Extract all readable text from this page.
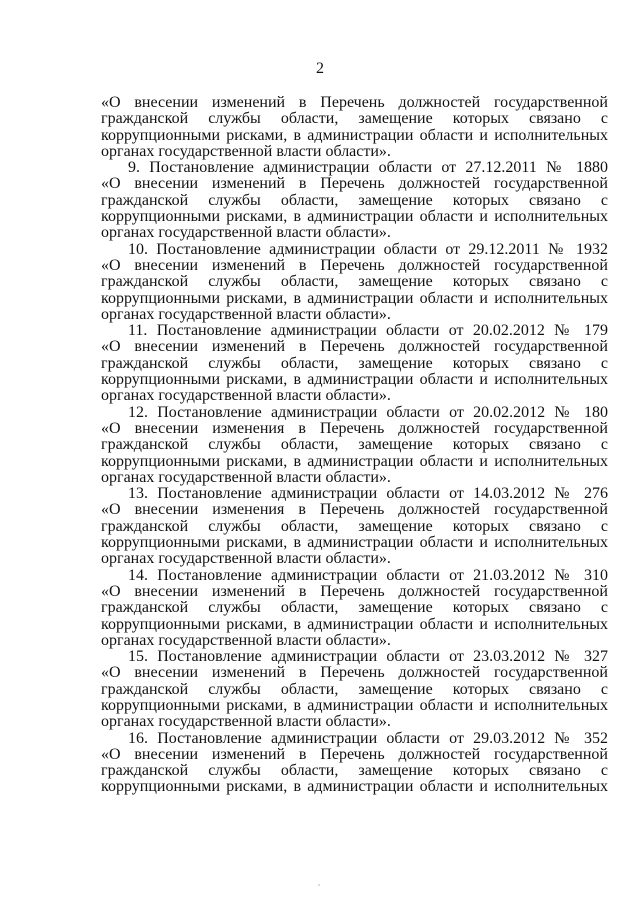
2
«О внесении изменений в Перечень должностей государственной
гражданской службы области, замещение которых связано с
коррупционными рисками, в администрации области и исполнительных
органах государственной власти области».
9. Постановление администрации области от 27.12.2011 № 1880
«О внесении изменений в Перечень должностей государственной
гражданской службы области, замещение которых связано с
коррупционными рисками, в администрации области и исполнительных
органах государственной власти области».
10. Постановление администрации области от 29.12.2011 № 1932
«О внесении изменений в Перечень должностей государственной
гражданской службы области, замещение которых связано с
коррупционными рисками, в администрации области и исполнительных
органах государственной власти области».
11. Постановление администрации области от 20.02.2012 № 179
«О внесении изменений в Перечень должностей государственной
гражданской службы области, замещение которых связано с
коррупционными рисками, в администрации области и исполнительных
органах государственной власти области».
12. Постановление администрации области от 20.02.2012 № 180
«О внесении изменения в Перечень должностей государственной
гражданской службы области, замещение которых связано с
коррупционными рисками, в администрации области и исполнительных
органах государственной власти области».
13. Постановление администрации области от 14.03.2012 № 276
«О внесении изменения в Перечень должностей государственной
гражданской службы области, замещение которых связано с
коррупционными рисками, в администрации области и исполнительных
органах государственной власти области».
14. Постановление администрации области от 21.03.2012 № 310
«О внесении изменений в Перечень должностей государственной
гражданской службы области, замещение которых связано с
коррупционными рисками, в администрации области и исполнительных
органах государственной власти области».
15. Постановление администрации области от 23.03.2012 № 327
«О внесении изменений в Перечень должностей государственной
гражданской службы области, замещение которых связано с
коррупционными рисками, в администрации области и исполнительных
органах государственной власти области».
16. Постановление администрации области от 29.03.2012 № 352
«О внесении изменений в Перечень должностей государственной
гражданской службы области, замещение которых связано с
коррупционными рисками, в администрации области и исполнительных
